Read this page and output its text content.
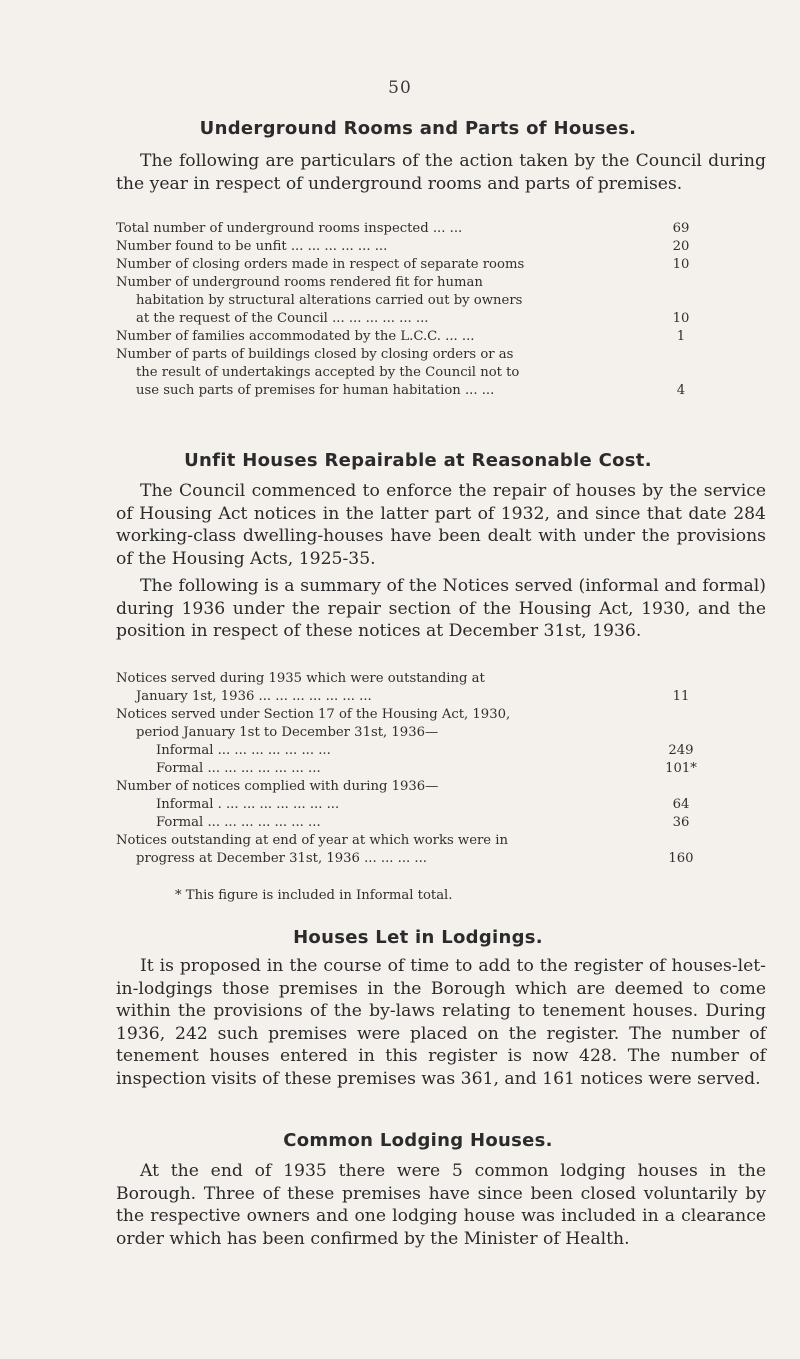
50
Underground Rooms and Parts of Houses.
The following are particulars of the action taken by the Council during the year in respect of underground rooms and parts of premises.
Total number of underground rooms inspected ... ...	69
Number found to be unfit ... ... ... ... ... ...	20
Number of closing orders made in respect of separate rooms	10
Number of underground rooms rendered fit for human
habitation by structural alterations carried out by owners
at the request of the Council ... ... ... ... ... ...	10
Number of families accommodated by the L.C.C. ... ...	1
Number of parts of buildings closed by closing orders or as
the result of undertakings accepted by the Council not to
use such parts of premises for human habitation ... ...	4
Unfit Houses Repairable at Reasonable Cost.
The Council commenced to enforce the repair of houses by the service of Housing Act notices in the latter part of 1932, and since that date 284 working-class dwelling-houses have been dealt with under the provisions of the Housing Acts, 1925-35.
The following is a summary of the Notices served (informal and formal) during 1936 under the repair section of the Housing Act, 1930, and the position in respect of these notices at December 31st, 1936.
Notices served during 1935 which were outstanding at
January 1st, 1936 ... ... ... ... ... ... ...	11
Notices served under Section 17 of the Housing Act, 1930,
period January 1st to December 31st, 1936—
Informal ... ... ... ... ... ... ...	249
Formal ... ... ... ... ... ... ...	101*
Number of notices complied with during 1936—
Informal . ... ... ... ... ... ... ...	64
Formal ... ... ... ... ... ... ...	36
Notices outstanding at end of year at which works were in
progress at December 31st, 1936 ... ... ... ...	160
* This figure is included in Informal total.
Houses Let in Lodgings.
It is proposed in the course of time to add to the register of houses-let-in-lodgings those premises in the Borough which are deemed to come within the provisions of the by-laws relating to tenement houses. During 1936, 242 such premises were placed on the register. The number of tenement houses entered in this register is now 428. The number of inspection visits of these premises was 361, and 161 notices were served.
Common Lodging Houses.
At the end of 1935 there were 5 common lodging houses in the Borough. Three of these premises have since been closed voluntarily by the respective owners and one lodging house was included in a clearance order which has been confirmed by the Minister of Health.
